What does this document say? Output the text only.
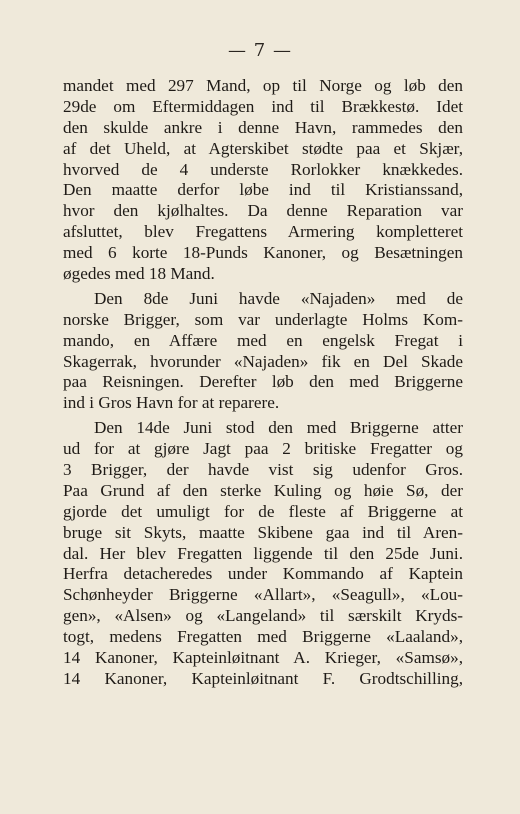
— 7 —

mandet med 297 Mand, op til Norge og løb den
29de om Eftermiddagen ind til Brækkestø. Idet
den skulde ankre i denne Havn, rammedes den
af det Uheld, at Agterskibet stødte paa et Skjær,
hvorved de 4 underste Rorlokker knækkedes.
Den maatte derfor løbe ind til Kristianssand,
hvor den kjølhaltes. Da denne Reparation var
afsluttet, blev Fregattens Armering kompletteret
med 6 korte 18-Punds Kanoner, og Besætningen
øgedes med 18 Mand.

Den 8de Juni havde «Najaden» med de
norske Brigger, som var underlagte Holms Kom-
mando, en Affære med en engelsk Fregat i
Skagerrak, hvorunder «Najaden» fik en Del Skade
paa Reisningen. Derefter løb den med Briggerne
ind i Gros Havn for at reparere.

Den 14de Juni stod den med Briggerne atter
ud for at gjøre Jagt paa 2 britiske Fregatter og
3 Brigger, der havde vist sig udenfor Gros.
Paa Grund af den sterke Kuling og høie Sø, der
gjorde det umuligt for de fleste af Briggerne at
bruge sit Skyts, maatte Skibene gaa ind til Aren-
dal. Her blev Fregatten liggende til den 25de Juni.
Herfra detacheredes under Kommando af Kaptein
Schønheyder Briggerne «Allart», «Seagull», «Lou-
gen», «Alsen» og «Langeland» til særskilt Kryds-
togt, medens Fregatten med Briggerne «Laaland»,
14 Kanoner, Kapteinløitnant A. Krieger, «Samsø»,
14 Kanoner, Kapteinløitnant F. Grodtschilling,
